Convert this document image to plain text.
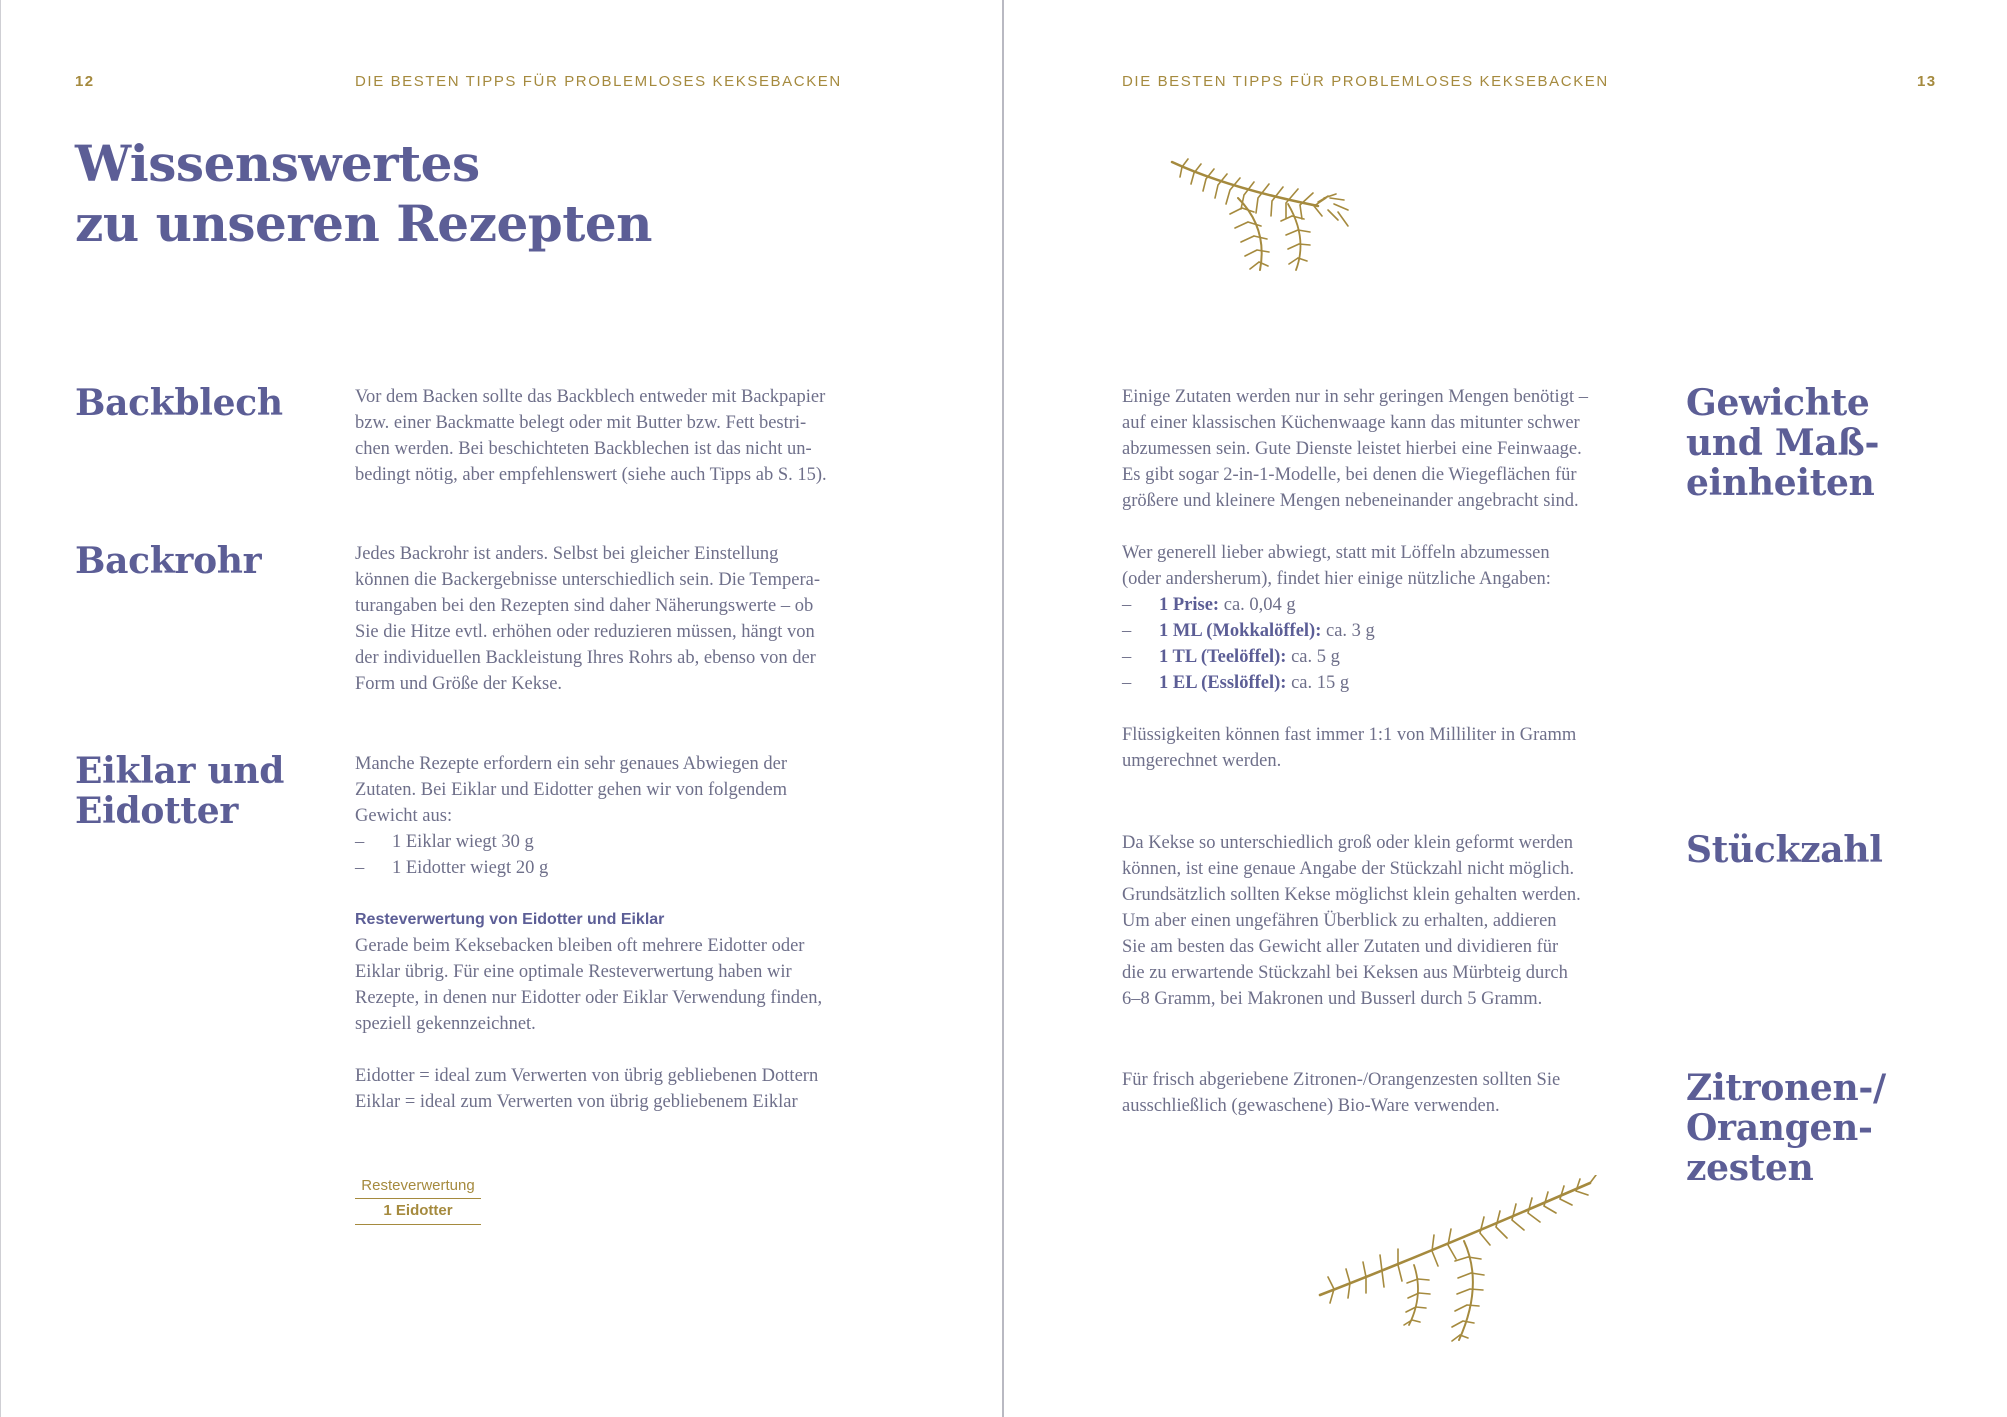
12	DIE BESTEN TIPPS FÜR PROBLEMLOSES KEKSEBACKEN
Wissenswertes
zu unseren Rezepten
Backblech	Vor dem Backen sollte das Backblech entweder mit Backpapier

bzw. einer Backmatte belegt oder mit Butter bzw. Fett bestri-

chen werden. Bei beschichteten Backblechen ist das nicht un-

bedingt nötig, aber empfehlenswert (siehe auch Tipps ab S. 15).

Backrohr	Jedes Backrohr ist anders. Selbst bei gleicher Einstellung

können die Backergebnisse unterschiedlich sein. Die Tempera-

turangaben bei den Rezepten sind daher Näherungswerte – ob

Sie die Hitze evtl. erhöhen oder reduzieren müssen, hängt von

der individuellen Backleistung Ihres Rohrs ab, ebenso von der

Form und Größe der Kekse.

Eiklar und
Eidotter

Manche Rezepte erfordern ein sehr genaues Abwiegen der

Zutaten. Bei Eiklar und Eidotter gehen wir von folgendem

Gewicht aus:

– 1 Eiklar wiegt 30 g

– 1 Eidotter wiegt 20 g

Resteverwertung von Eidotter und Eiklar

Gerade beim Keksebacken bleiben oft mehrere Eidotter oder

Eiklar übrig. Für eine optimale Resteverwertung haben wir

Rezepte, in denen nur Eidotter oder Eiklar Verwendung finden,

speziell gekennzeichnet.

Eidotter = ideal zum Verwerten von übrig gebliebenen Dottern

Eiklar = ideal zum Verwerten von übrig gebliebenem Eiklar

Resteverwertung
1 Eidotter
DIE BESTEN TIPPS FÜR PROBLEMLOSES KEKSEBACKEN	13
Gewichte
und Maß-
einheiten

Einige Zutaten werden nur in sehr geringen Mengen benötigt –

auf einer klassischen Küchenwaage kann das mitunter schwer

abzumessen sein. Gute Dienste leistet hierbei eine Feinwaage.

Es gibt sogar 2-in-1-Modelle, bei denen die Wiegeflächen für

größere und kleinere Mengen nebeneinander angebracht sind.

Wer generell lieber abwiegt, statt mit Löffeln abzumessen

(oder andersherum), findet hier einige nützliche Angaben:

– 1 Prise: ca. 0,04 g

– 1 ML (Mokkalöffel): ca. 3 g

– 1 TL (Teelöffel): ca. 5 g

– 1 EL (Esslöffel): ca. 15 g

Flüssigkeiten können fast immer 1:1 von Milliliter in Gramm

umgerechnet werden.

Stückzahl

Da Kekse so unterschiedlich groß oder klein geformt werden

können, ist eine genaue Angabe der Stückzahl nicht möglich.

Grundsätzlich sollten Kekse möglichst klein gehalten werden.

Um aber einen ungefähren Überblick zu erhalten, addieren

Sie am besten das Gewicht aller Zutaten und dividieren für

die zu erwartende Stückzahl bei Keksen aus Mürbteig durch

6–8 Gramm, bei Makronen und Busserl durch 5 Gramm.

Zitronen-/
Orangen-
zesten

Für frisch abgeriebene Zitronen-/Orangenzesten sollten Sie

ausschließlich (gewaschene) Bio-Ware verwenden.
